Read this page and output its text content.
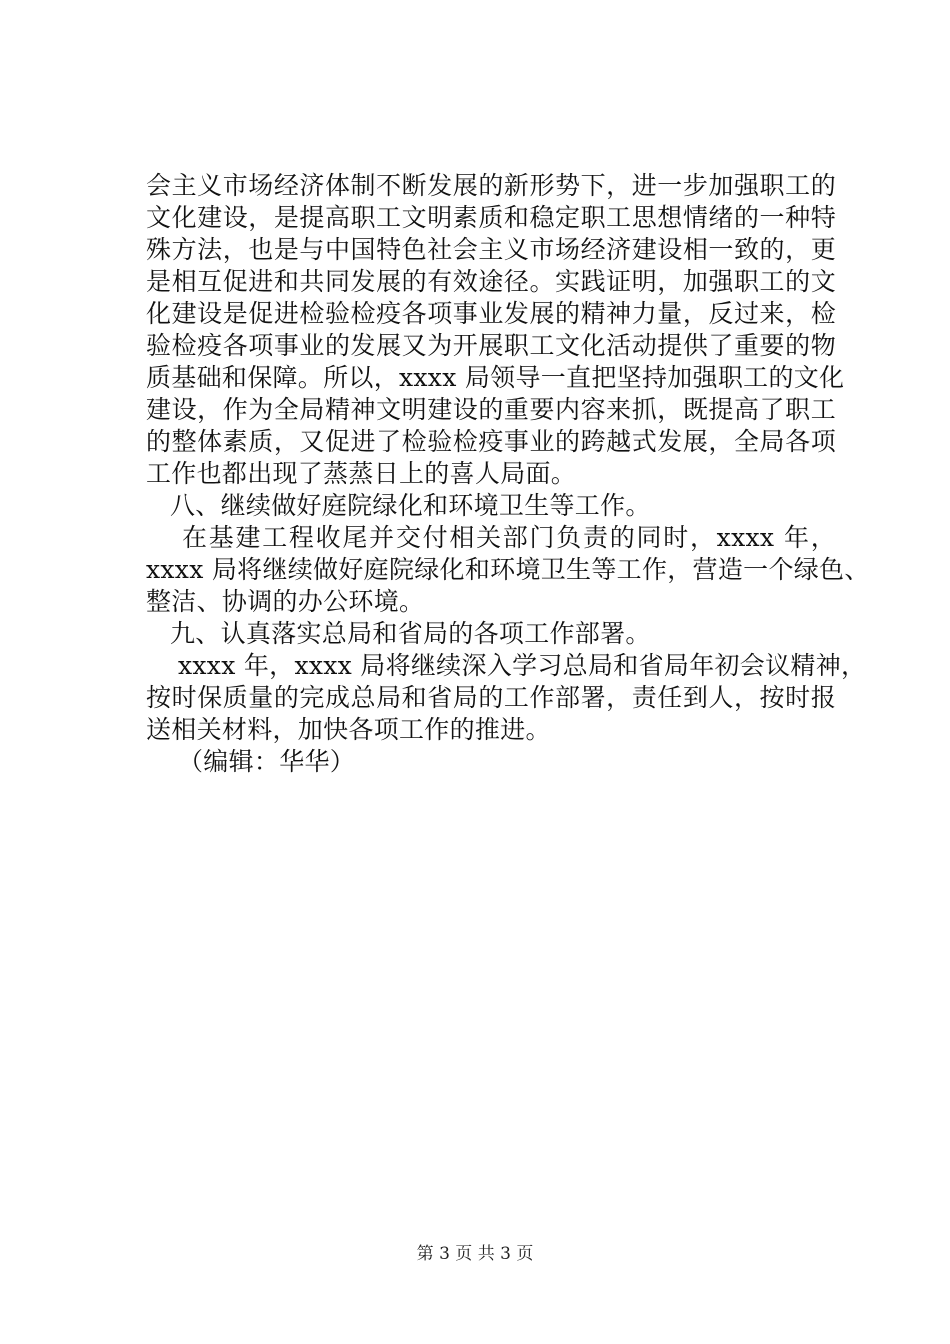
会主义市场经济体制不断发展的新形势下，进一步加强职工的

文化建设，是提高职工文明素质和稳定职工思想情绪的一种特

殊方法，也是与中国特色社会主义市场经济建设相一致的，更

是相互促进和共同发展的有效途径。实践证明，加强职工的文

化建设是促进检验检疫各项事业发展的精神力量，反过来，检

验检疫各项事业的发展又为开展职工文化活动提供了重要的物

质基础和保障。所以，xxxx 局领导一直把坚持加强职工的文化

建设，作为全局精神文明建设的重要内容来抓，既提高了职工

的整体素质，又促进了检验检疫事业的跨越式发展，全局各项

工作也都出现了蒸蒸日上的喜人局面。

八、继续做好庭院绿化和环境卫生等工作。

在基建工程收尾并交付相关部门负责的同时，xxxx 年，

xxxx 局将继续做好庭院绿化和环境卫生等工作，营造一个绿色、

整洁、协调的办公环境。

九、认真落实总局和省局的各项工作部署。

xxxx 年，xxxx 局将继续深入学习总局和省局年初会议精神，

按时保质量的完成总局和省局的工作部署，责任到人，按时报

送相关材料，加快各项工作的推进。

（编辑：华华）

第 3 页 共 3 页
